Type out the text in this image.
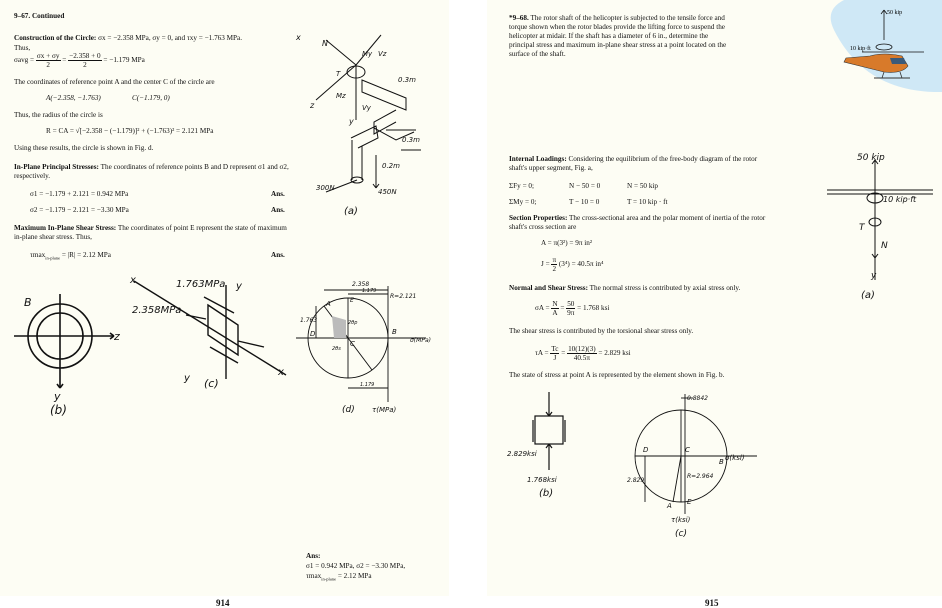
9–67. Continued
Construction of the Circle: σx = −2.358 MPa, σy = 0, and τxy = −1.763 MPa.
Thus,
$\sigma avg = \frac{\sigma x + \sigma y}{2} = \frac{-2.358 + 0}{2} = -1.179$ MPa
The coordinates of reference point A and the center C of the circle are
A(−2.358, −1.763)	C(−1.179, 0)
Thus, the radius of the circle is
R = CA = √[−2.358 − (−1.179)]² + (−1.763)² = 2.121 MPa
Using these results, the circle is shown in Fig. d.
In-Plane Principal Stresses: The coordinates of reference points B and D represent σ1 and σ2, respectively.
σ1 = −1.179 + 2.121 = 0.942 MPa	Ans.
σ2 = −1.179 − 2.121 = −3.30 MPa	Ans.
Maximum In-Plane Shear Stress: The coordinates of point E represent the state of maximum in-plane shear stress. Thus,
τmax$_{in-plane}$ = |R| = 2.12 MPa	Ans.
N
x
T
My Vz
Mz
Vy
z
y
0.3m
0.3m
0.2m
300N	450N
(a)
B
z
y
(b)
1.763MPa
2.358MPa
x
y
y
x
(c)
2.358
1.179
R=2.121
1.763
A
B
D
E
C
2θp
2θs
σ(MPa)
1.179
τ(MPa)
(d)
Ans:
σ1 = 0.942 MPa, σ2 = −3.30 MPa,
τmax$_{in-plane}$ = 2.12 MPa
914
*9–68. The rotor shaft of the helicopter is subjected to the tensile force and torque shown when the rotor blades provide the lifting force to suspend the helicopter at midair. If the shaft has a diameter of 6 in., determine the principal stress and maximum in-plane shear stress at a point located on the surface of the shaft.
50 kip
10 kip·ft
Internal Loadings: Considering the equilibrium of the free-body diagram of the rotor shaft's upper segment, Fig. a,
ΣFy = 0;	N − 50 = 0	N = 50 kip
ΣMy = 0;	T − 10 = 0	T = 10 kip · ft
Section Properties: The cross-sectional area and the polar moment of inertia of the rotor shaft's cross section are
A = π(3²) = 9π in²
$J = \frac{\pi}{2} (3^4) = 40.5\pi$ in⁴
Normal and Shear Stress: The normal stress is contributed by axial stress only.
$\sigma A = \frac{N}{A} = \frac{50}{9\pi} = 1.768$ ksi
The shear stress is contributed by the torsional shear stress only.
$\tau A = \frac{Tc}{J} = \frac{10(12)(3)}{40.5\pi} = 2.829$ ksi
The state of stress at point A is represented by the element shown in Fig. b.
50 kip
10 kip·ft
T
N
y
(a)
2.829ksi
1.768ksi
(b)
0.8842
R=2.964
2.829
D	C
B
A E
σ(ksi)
τ(ksi)
(c)
915
